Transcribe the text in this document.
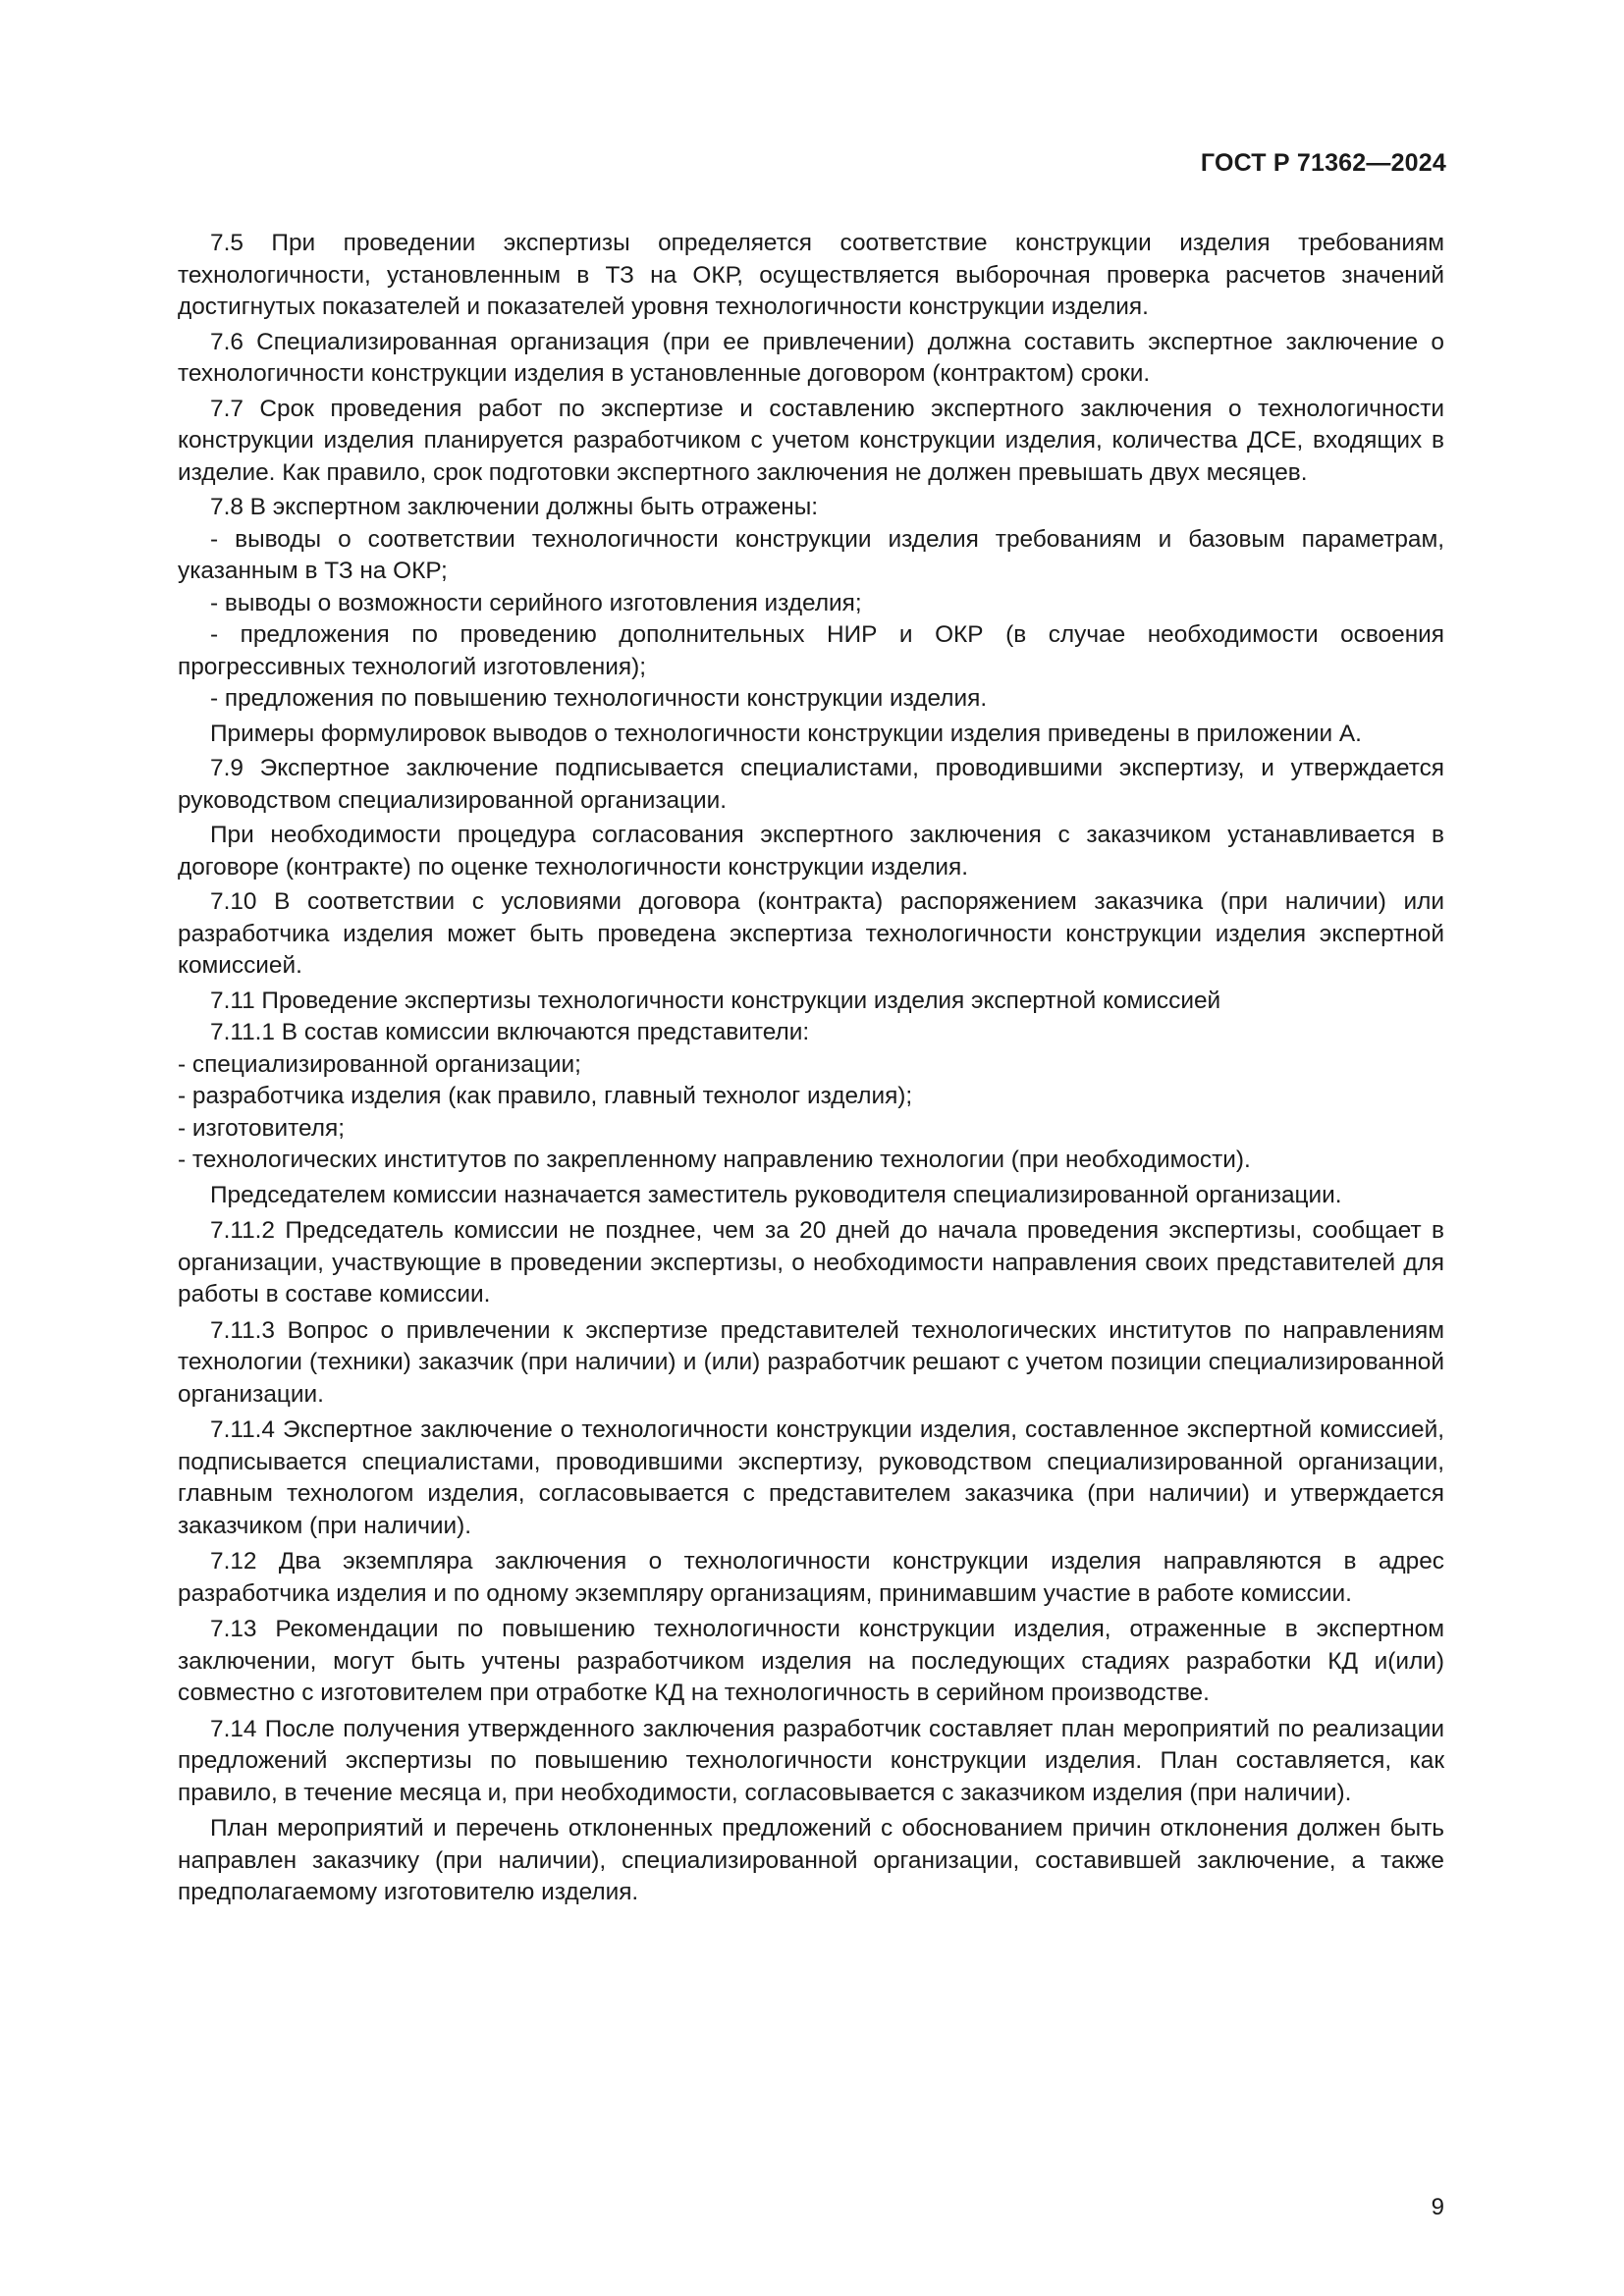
ГОСТ Р 71362—2024

7.5 При проведении экспертизы определяется соответствие конструкции изделия требованиям технологичности, установленным в ТЗ на ОКР, осуществляется выборочная проверка расчетов значений достигнутых показателей и показателей уровня технологичности конструкции изделия.

7.6 Специализированная организация (при ее привлечении) должна составить экспертное заключение о технологичности конструкции изделия в установленные договором (контрактом) сроки.

7.7 Срок проведения работ по экспертизе и составлению экспертного заключения о технологичности конструкции изделия планируется разработчиком с учетом конструкции изделия, количества ДСЕ, входящих в изделие. Как правило, срок подготовки экспертного заключения не должен превышать двух месяцев.

7.8 В экспертном заключении должны быть отражены:

- выводы о соответствии технологичности конструкции изделия требованиям и базовым параметрам, указанным в ТЗ на ОКР;

- выводы о возможности серийного изготовления изделия;

- предложения по проведению дополнительных НИР и ОКР (в случае необходимости освоения прогрессивных технологий изготовления);

- предложения по повышению технологичности конструкции изделия.

Примеры формулировок выводов о технологичности конструкции изделия приведены в приложении А.

7.9 Экспертное заключение подписывается специалистами, проводившими экспертизу, и утверждается руководством специализированной организации.

При необходимости процедура согласования экспертного заключения с заказчиком устанавливается в договоре (контракте) по оценке технологичности конструкции изделия.

7.10 В соответствии с условиями договора (контракта) распоряжением заказчика (при наличии) или разработчика изделия может быть проведена экспертиза технологичности конструкции изделия экспертной комиссией.

7.11 Проведение экспертизы технологичности конструкции изделия экспертной комиссией

7.11.1 В состав комиссии включаются представители:

- специализированной организации;

- разработчика изделия (как правило, главный технолог изделия);

- изготовителя;

- технологических институтов по закрепленному направлению технологии (при необходимости).

Председателем комиссии назначается заместитель руководителя специализированной организации.

7.11.2 Председатель комиссии не позднее, чем за 20 дней до начала проведения экспертизы, сообщает в организации, участвующие в проведении экспертизы, о необходимости направления своих представителей для работы в составе комиссии.

7.11.3 Вопрос о привлечении к экспертизе представителей технологических институтов по направлениям технологии (техники) заказчик (при наличии) и (или) разработчик решают с учетом позиции специализированной организации.

7.11.4 Экспертное заключение о технологичности конструкции изделия, составленное экспертной комиссией, подписывается специалистами, проводившими экспертизу, руководством специализированной организации, главным технологом изделия, согласовывается с представителем заказчика (при наличии) и утверждается заказчиком (при наличии).

7.12 Два экземпляра заключения о технологичности конструкции изделия направляются в адрес разработчика изделия и по одному экземпляру организациям, принимавшим участие в работе комиссии.

7.13 Рекомендации по повышению технологичности конструкции изделия, отраженные в экспертном заключении, могут быть учтены разработчиком изделия на последующих стадиях разработки КД и(или) совместно с изготовителем при отработке КД на технологичность в серийном производстве.

7.14 После получения утвержденного заключения разработчик составляет план мероприятий по реализации предложений экспертизы по повышению технологичности конструкции изделия. План составляется, как правило, в течение месяца и, при необходимости, согласовывается с заказчиком изделия (при наличии).

План мероприятий и перечень отклоненных предложений с обоснованием причин отклонения должен быть направлен заказчику (при наличии), специализированной организации, составившей заключение, а также предполагаемому изготовителю изделия.

9
